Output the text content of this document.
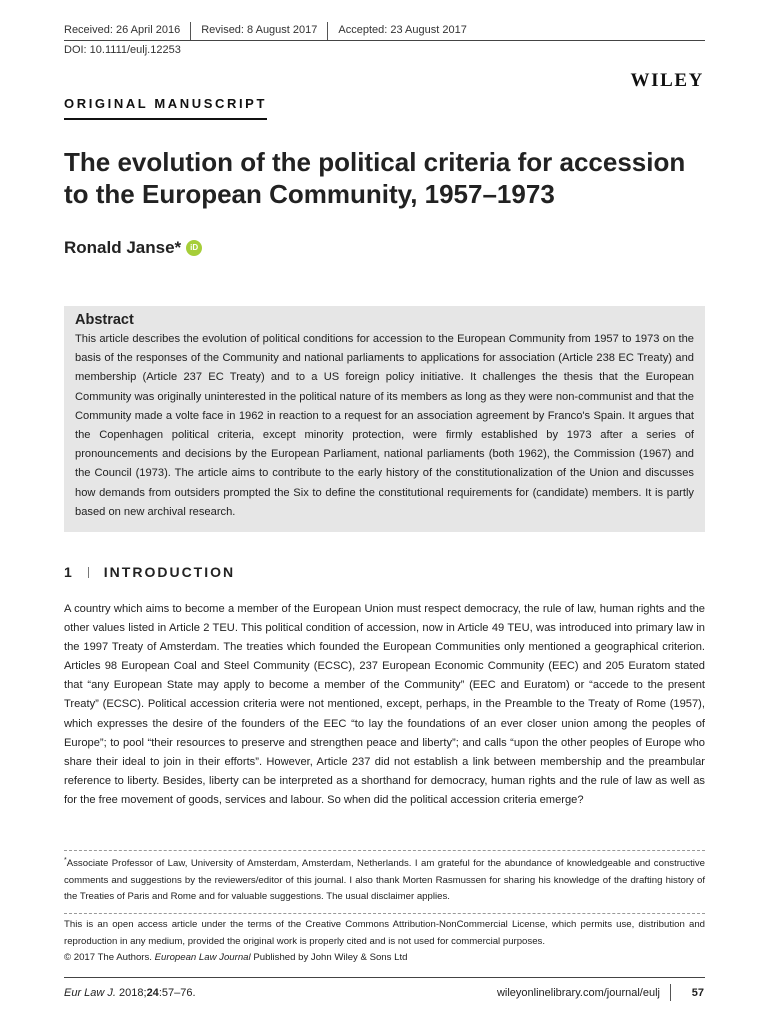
Received: 26 April 2016 Revised: 8 August 2017 Accepted: 23 August 2017
DOI: 10.1111/eulj.12253
WILEY
ORIGINAL MANUSCRIPT
The evolution of the political criteria for accession to the European Community, 1957–1973
Ronald Janse*	iD
Abstract

This article describes the evolution of political conditions for accession to the European Community from 1957 to 1973 on the basis of the responses of the Community and national parliaments to applications for association (Article 238 EC Treaty) and membership (Article 237 EC Treaty) and to a US foreign policy initiative. It challenges the thesis that the European Community was originally uninterested in the political nature of its members as long as they were non-communist and that the Community made a volte face in 1962 in reaction to a request for an association agreement by Franco's Spain. It argues that the Copenhagen political criteria, except minority protection, were firmly established by 1973 after a series of pronouncements and decisions by the European Parliament, national parliaments (both 1962), the Commission (1967) and the Council (1973). The article aims to contribute to the early history of the constitutionalization of the Union and discusses how demands from outsiders prompted the Six to define the constitutional requirements for (candidate) members. It is partly based on new archival research.

1 INTRODUCTION

A country which aims to become a member of the European Union must respect democracy, the rule of law, human rights and the other values listed in Article 2 TEU. This political condition of accession, now in Article 49 TEU, was introduced into primary law in the 1997 Treaty of Amsterdam. The treaties which founded the European Communities only mentioned a geographical criterion. Articles 98 European Coal and Steel Community (ECSC), 237 European Economic Community (EEC) and 205 Euratom stated that “any European State may apply to become a member of the Community” (EEC and Euratom) or “accede to the present Treaty” (ECSC). Political accession criteria were not mentioned, except, perhaps, in the Preamble to the Treaty of Rome (1957), which expresses the desire of the founders of the EEC “to lay the foundations of an ever closer union among the peoples of Europe”; to pool “their resources to preserve and strengthen peace and liberty”; and calls “upon the other peoples of Europe who share their ideal to join in their efforts”. However, Article 237 did not establish a link between membership and the preambular reference to liberty. Besides, liberty can be interpreted as a shorthand for democracy, human rights and the rule of law as well as for the free movement of goods, services and labour. So when did the political accession criteria emerge?

*Associate Professor of Law, University of Amsterdam, Amsterdam, Netherlands. I am grateful for the abundance of knowledgeable and constructive comments and suggestions by the reviewers/editor of this journal. I also thank Morten Rasmussen for sharing his knowledge of the drafting history of the Treaties of Paris and Rome and for valuable suggestions. The usual disclaimer applies.

This is an open access article under the terms of the Creative Commons Attribution-NonCommercial License, which permits use, distribution and reproduction in any medium, provided the original work is properly cited and is not used for commercial purposes.
© 2017 The Authors. European Law Journal Published by John Wiley & Sons Ltd

Eur Law J. 2018;24:57–76.	wileyonlinelibrary.com/journal/eulj	57
